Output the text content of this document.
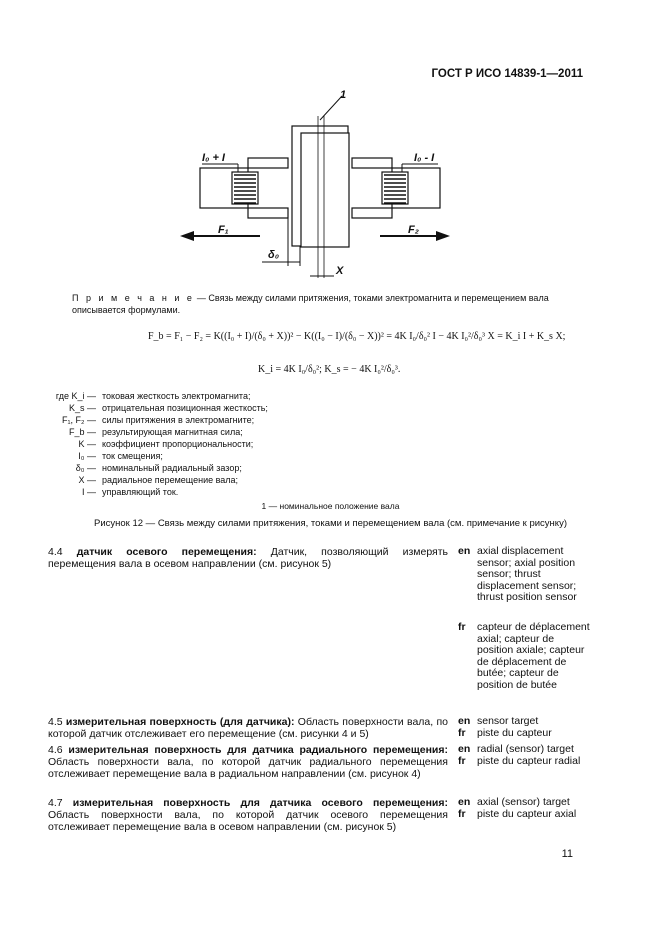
ГОСТ Р ИСО 14839-1—2011
1
I₀ + I	I₀ - I
F₁	F₂
δ₀
X
П р и м е ч а н и е — Связь между силами притяжения, токами электромагнита и перемещением вала описывается формулами.
F_b = F₁ − F₂ = K((I₀ + I)/(δ₀ + X))² − K((I₀ − I)/(δ₀ − X))² = 4K I₀/δ₀² I − 4K I₀²/δ₀³ X = K_i I + K_s X;
K_i = 4K I₀/δ₀²; K_s = − 4K I₀²/δ₀³.
где K_i — токовая жесткость электромагнита;
K_s — отрицательная позиционная жесткость;
F₁, F₂ — силы притяжения в электромагните;
F_b — результирующая магнитная сила;
K — коэффициент пропорциональности;
I₀ — ток смещения;
δ₀ — номинальный радиальный зазор;
X — радиальное перемещение вала;
I — управляющий ток.
1 — номинальное положение вала
Рисунок 12 — Связь между силами притяжения, токами и перемещением вала (см. примечание к рисунку)
4.4 датчик осевого перемещения: Датчик, позволяющий измерять перемещения вала в осевом направлении (см. рисунок 5)
en axial displacement sensor; axial position sensor; thrust displacement sensor; thrust position sensor
fr capteur de déplacement axial; capteur de position axiale; capteur de déplacement de butée; capteur de position de butée
4.5 измерительная поверхность (для датчика): Область поверхности вала, по которой датчик отслеживает его перемещение (см. рисунки 4 и 5)
en sensor target
fr piste du capteur
4.6 измерительная поверхность для датчика радиального перемещения: Область поверхности вала, по которой датчик радиального перемещения отслеживает перемещение вала в радиальном направлении (см. рисунок 4)
en radial (sensor) target
fr piste du capteur radial
4.7 измерительная поверхность для датчика осевого перемещения: Область поверхности вала, по которой датчик осевого перемещения отслеживает перемещение вала в осевом направлении (см. рисунок 5)
en axial (sensor) target
fr piste du capteur axial
11
